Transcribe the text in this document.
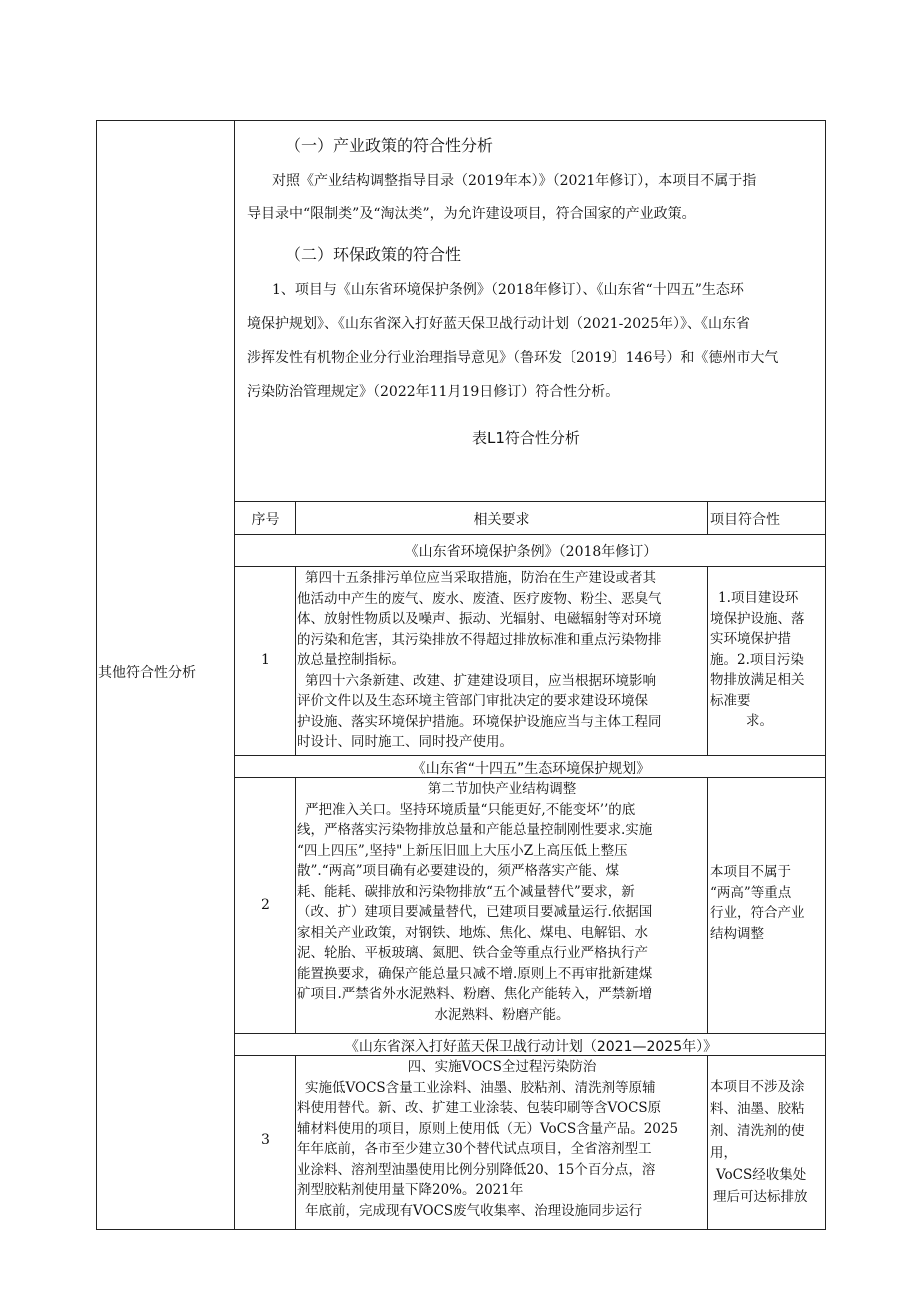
其他符合性分析
（一）产业政策的符合性分析
对照《产业结构调整指导目录（2019年本）》（2021年修订），本项目不属于指
导目录中“限制类”及“淘汰类”，为允许建设项目，符合国家的产业政策。
（二）环保政策的符合性
1、项目与《山东省环境保护条例》（2018年修订）、《山东省“十四五”生态环
境保护规划》、《山东省深入打好蓝天保卫战行动计划（2021-2025年）》、《山东省
涉挥发性有机物企业分行业治理指导意见》（鲁环发〔2019〕146号）和《德州市大气
污染防治管理规定》（2022年11月19日修订）符合性分析。
表L1符合性分析
序号	相关要求	项目符合性
《山东省环境保护条例》（2018年修订）
1
第四十五条排污单位应当采取措施，防治在生产建设或者其
他活动中产生的废气、废水、废渣、医疗废物、粉尘、恶臭气
体、放射性物质以及噪声、振动、光辐射、电磁辐射等对环境
的污染和危害，其污染排放不得超过排放标准和重点污染物排
放总量控制指标。
第四十六条新建、改建、扩建建设项目，应当根据环境影响
评价文件以及生态环境主管部门审批决定的要求建设环境保
护设施、落实环境保护措施。环境保护设施应当与主体工程同
时设计、同时施工、同时投产使用。
1.项目建设环
境保护设施、落
实环境保护措
施。2.项目污染
物排放满足相关
标准要
求。
《山东省“十四五”生态环境保护规划》
2
第二节加快产业结构调整
严把准入关口。坚持环境质量“只能更好,不能变坏’’的底
线，严格落实污染物排放总量和产能总量控制刚性要求.实施
“四上四压”,坚持"上新压旧皿上大压小Z上高压低上整压
散”.“两高”项目确有必要建设的，须严格落实产能、煤
耗、能耗、碳排放和污染物排放“五个减量替代”要求，新
（改、扩）建项目要减量替代，已建项目要减量运行.依据国
家相关产业政策，对钢铁、地炼、焦化、煤电、电解铝、水
泥、轮胎、平板玻璃、氮肥、铁合金等重点行业严格执行产
能置换要求，确保产能总量只减不增.原则上不再审批新建煤
矿项目.严禁省外水泥熟料、粉磨、焦化产能转入，严禁新增
水泥熟料、粉磨产能。
本项目不属于
“两高”等重点
行业，符合产业
结构调整
《山东省深入打好蓝天保卫战行动计划（2021—2025年）》
3
四、实施VOCS全过程污染防治
实施低VOCS含量工业涂料、油墨、胶粘剂、清洗剂等原辅
料使用替代。新、改、扩建工业涂装、包装印刷等含VOCS原
辅材料使用的项目，原则上使用低（无）VoCS含量产品。2025
年年底前，各市至少建立30个替代试点项目，全省溶剂型工
业涂料、溶剂型油墨使用比例分别降低20、15个百分点，溶
剂型胶粘剂使用量下降20%。2021年
年底前，完成现有VOCS废气收集率、治理设施同步运行
本项目不涉及涂
料、油墨、胶粘
剂、清洗剂的使
用，
VoCS经收集处
理后可达标排放
